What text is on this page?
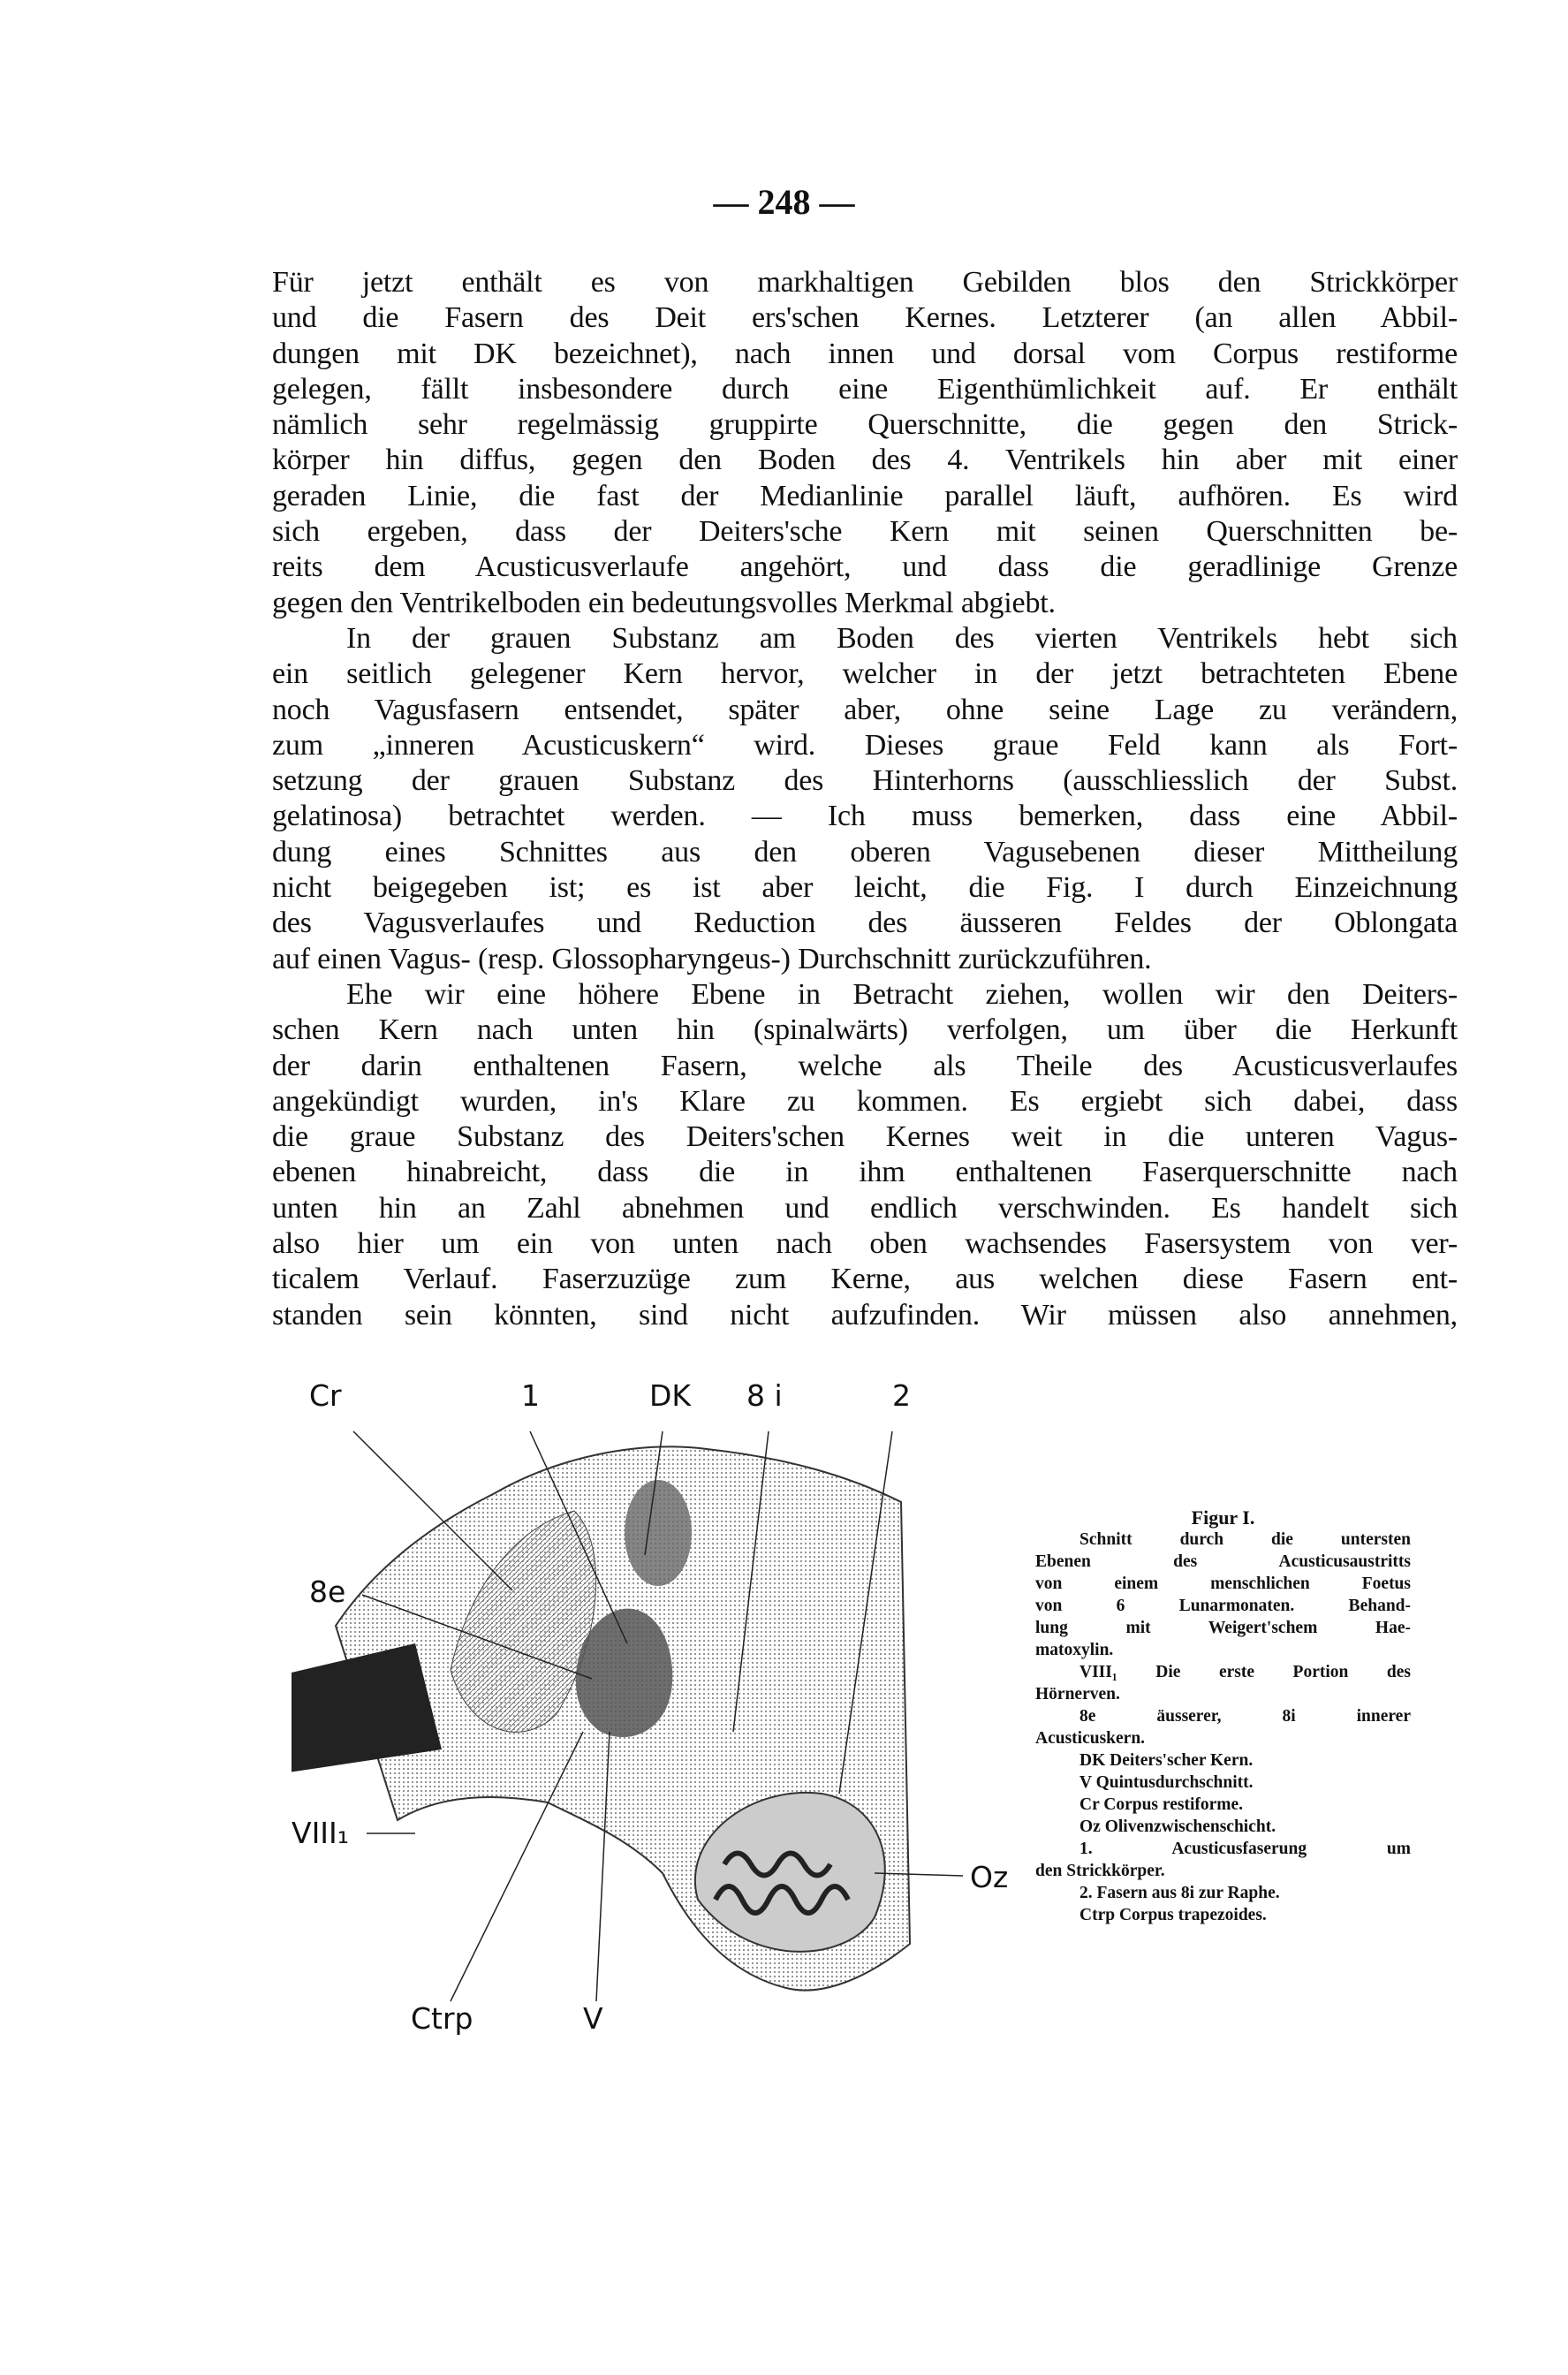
— 248 —
Für jetzt enthält es von markhaltigen Gebilden blos den Strickkörper
und die Fasern des Deit ers'schen Kernes. Letzterer (an allen Abbil-
dungen mit DK bezeichnet), nach innen und dorsal vom Corpus restiforme
gelegen, fällt insbesondere durch eine Eigenthümlichkeit auf. Er enthält
nämlich sehr regelmässig gruppirte Querschnitte, die gegen den Strick-
körper hin diffus, gegen den Boden des 4. Ventrikels hin aber mit einer
geraden Linie, die fast der Medianlinie parallel läuft, aufhören. Es wird
sich ergeben, dass der Deiters'sche Kern mit seinen Querschnitten be-
reits dem Acusticusverlaufe angehört, und dass die geradlinige Grenze
gegen den Ventrikelboden ein bedeutungsvolles Merkmal abgiebt.
In der grauen Substanz am Boden des vierten Ventrikels hebt sich
ein seitlich gelegener Kern hervor, welcher in der jetzt betrachteten Ebene
noch Vagusfasern entsendet, später aber, ohne seine Lage zu verändern,
zum „inneren Acusticuskern“ wird. Dieses graue Feld kann als Fort-
setzung der grauen Substanz des Hinterhorns (ausschliesslich der Subst.
gelatinosa) betrachtet werden. — Ich muss bemerken, dass eine Abbil-
dung eines Schnittes aus den oberen Vagusebenen dieser Mittheilung
nicht beigegeben ist; es ist aber leicht, die Fig. I durch Einzeichnung
des Vagusverlaufes und Reduction des äusseren Feldes der Oblongata
auf einen Vagus- (resp. Glossopharyngeus-) Durchschnitt zurückzuführen.
Ehe wir eine höhere Ebene in Betracht ziehen, wollen wir den Deiters-
schen Kern nach unten hin (spinalwärts) verfolgen, um über die Herkunft
der darin enthaltenen Fasern, welche als Theile des Acusticusverlaufes
angekündigt wurden, in's Klare zu kommen. Es ergiebt sich dabei, dass
die graue Substanz des Deiters'schen Kernes weit in die unteren Vagus-
ebenen hinabreicht, dass die in ihm enthaltenen Faserquerschnitte nach
unten hin an Zahl abnehmen und endlich verschwinden. Es handelt sich
also hier um ein von unten nach oben wachsendes Fasersystem von ver-
ticalem Verlauf. Faserzuzüge zum Kerne, aus welchen diese Fasern ent-
standen sein könnten, sind nicht aufzufinden. Wir müssen also annehmen,
Cr	1	DK 8 i	2
8e
VIII₁
Oz
Ctrp	V
Figur I.
Schnitt durch die untersten
Ebenen des Acusticusaustritts
von einem menschlichen Foetus
von 6 Lunarmonaten. Behand-
lung mit Weigert'schem Hae-
matoxylin.
VIII₁ Die erste Portion des
Hörnerven.
8e äusserer, 8i innerer
Acusticuskern.
DK Deiters'scher Kern.
V Quintusdurchschnitt.
Cr Corpus restiforme.
Oz Olivenzwischenschicht.
1. Acusticusfaserung um
den Strickkörper.
2. Fasern aus 8i zur Raphe.
Ctrp Corpus trapezoides.
